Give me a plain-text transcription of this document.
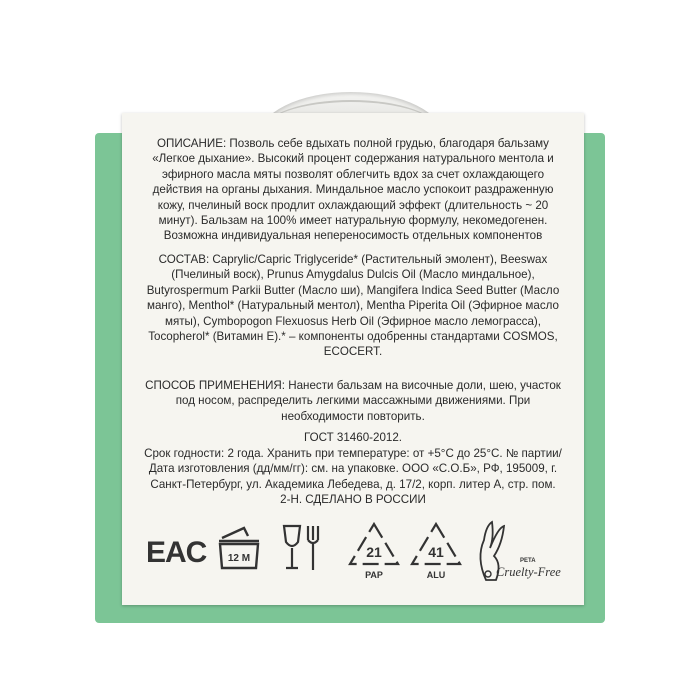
ОПИСАНИЕ: Позволь себе вдыхать полной грудью, благодаря бальзаму «Легкое дыхание». Высокий процент содержания натурального ментола и эфирного масла мяты позволят облегчить вдох за счет охлаждающего действия на органы дыхания. Миндальное масло успокоит раздраженную кожу, пчелиный воск продлит охлаждающий эффект (длительность ~ 20 минут). Бальзам на 100% имеет натуральную формулу, некомедогенен. Возможна индивидуальная непереносимость отдельных компонентов
СОСТАВ: Caprylic/Capric Triglyceride* (Растительный эмолент), Beeswax (Пчелиный воск), Prunus Amygdalus Dulcis Oil (Масло миндальное), Butyrospermum Parkii Butter (Масло ши), Mangifera Indica Seed Butter (Масло манго), Menthol* (Натуральный ментол), Mentha Piperita Oil (Эфирное масло мяты), Cymbopogon Flexuosus Herb Oil (Эфирное масло лемограсса), Tocopherol* (Витамин Е).* – компоненты одобренны стандартами COSMOS, ECOCERT.
СПОСОБ ПРИМЕНЕНИЯ: Нанести бальзам на височные доли, шею, участок под носом, распределить легкими массажными движениями. При необходимости повторить.
ГОСТ 31460-2012.
Срок годности: 2 года. Хранить при температуре: от +5°С до 25°С. № партии/Дата изготовления (дд/мм/гг): см. на упаковке. ООО «С.О.Б», РФ, 195009, г. Санкт-Петербург, ул. Академика Лебедева, д. 17/2, корп. литер А, стр. пом. 2-Н. СДЕЛАНО В РОССИИ
EAC 12 M	21
PAP
41
ALU
PETA
Cruelty-Free
